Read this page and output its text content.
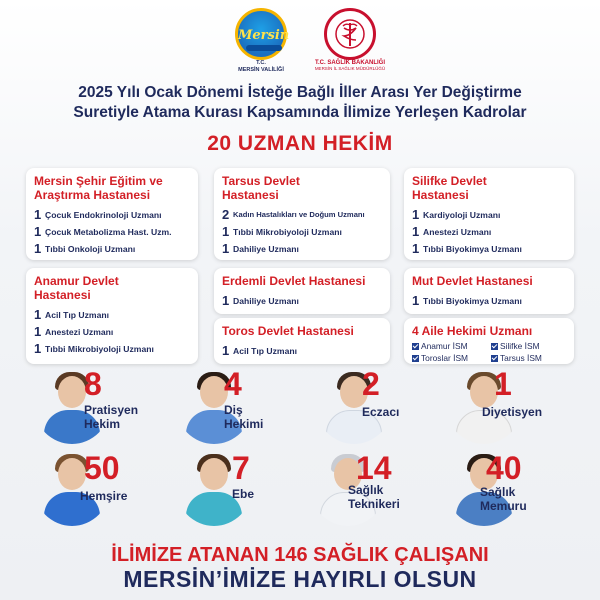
Mersin
T.C.
MERSİN VALİLİĞİ
T.C. SAĞLIK BAKANLIĞI
MERSİN İL SAĞLIK MÜDÜRLÜĞÜ
2025 Yılı Ocak Dönemi İsteğe Bağlı İller Arası Yer Değiştirme
Suretiyle Atama Kurası Kapsamında İlimize Yerleşen Kadrolar
20 UZMAN HEKİM
Mersin Şehir Eğitim ve Araştırma Hastanesi
1 Çocuk Endokrinoloji Uzmanı
1 Çocuk Metabolizma Hast. Uzm.
1 Tıbbi Onkoloji Uzmanı
Tarsus Devlet Hastanesi
2 Kadın Hastalıkları ve Doğum Uzmanı
1 Tıbbi Mikrobiyoloji Uzmanı
1 Dahiliye Uzmanı
Silifke Devlet Hastanesi
1 Kardiyoloji Uzmanı
1 Anestezi Uzmanı
1 Tıbbi Biyokimya Uzmanı
Anamur Devlet Hastanesi
1 Acil Tıp Uzmanı
1 Anestezi Uzmanı
1 Tıbbi Mikrobiyoloji Uzmanı
Erdemli Devlet Hastanesi
1 Dahiliye Uzmanı
Toros Devlet Hastanesi
1 Acil Tıp Uzmanı
Mut Devlet Hastanesi
1 Tıbbi Biyokimya Uzmanı
4 Aile Hekimi Uzmanı
Anamur İSM	Silifke İSM
Toroslar İSM	Tarsus İSM
8
Pratisyen
Hekim
4
Diş
Hekimi
2
Eczacı
1
Diyetisyen
50
Hemşire
7
Ebe
14
Sağlık
Teknikeri
40
Sağlık
Memuru
İLİMİZE ATANAN 146 SAĞLIK ÇALIŞANI
MERSİN’İMİZE HAYIRLI OLSUN
